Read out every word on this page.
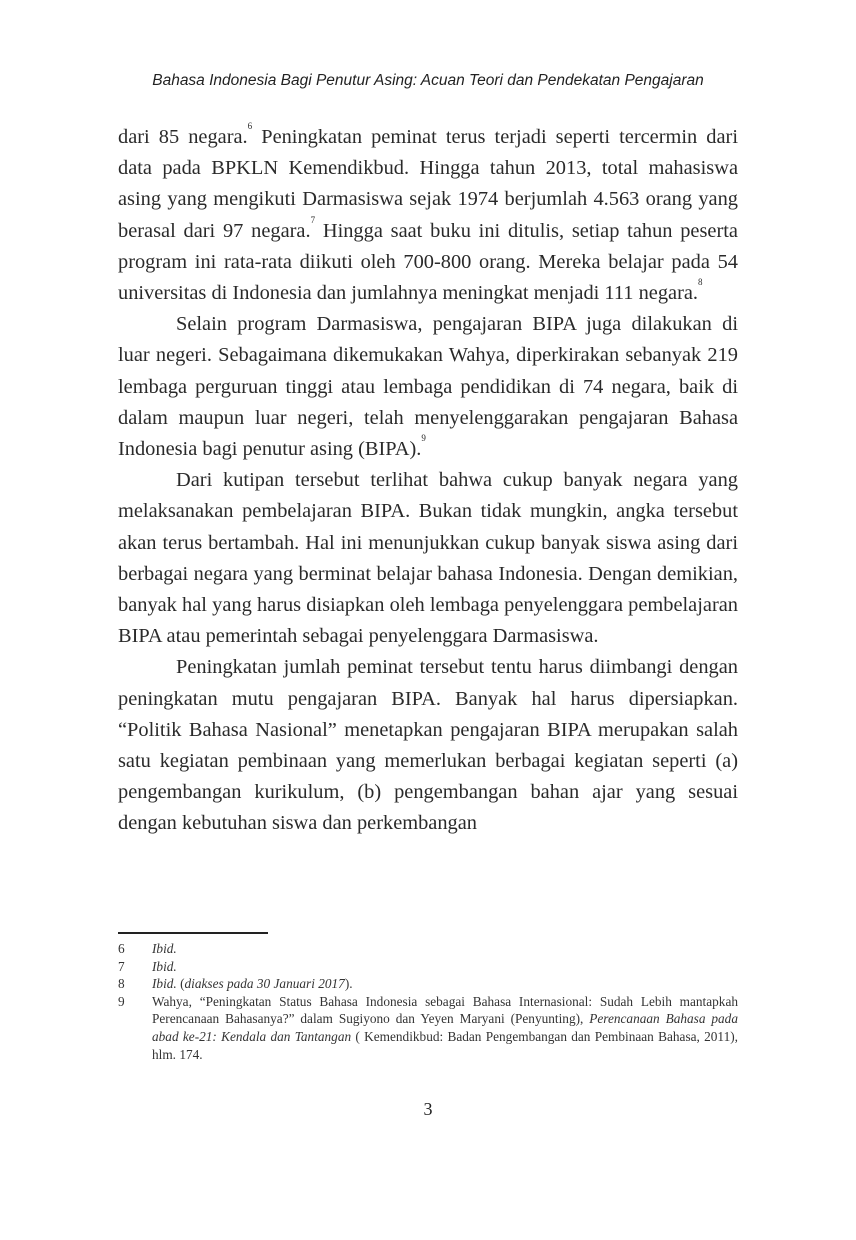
Bahasa Indonesia Bagi Penutur Asing: Acuan Teori dan Pendekatan Pengajaran

dari 85 negara.$^6$ Peningkatan peminat terus terjadi seperti tercermin dari data pada BPKLN Kemendikbud. Hingga tahun 2013, total mahasiswa asing yang mengikuti Darmasiswa sejak 1974 berjumlah 4.563 orang yang berasal dari 97 negara.$^7$ Hingga saat buku ini ditulis, setiap tahun peserta program ini rata-rata diikuti oleh 700-800 orang. Mereka belajar pada 54 universitas di Indonesia dan jumlahnya meningkat menjadi 111 negara.$^8$

Selain program Darmasiswa, pengajaran BIPA juga dilakukan di luar negeri. Sebagaimana dikemukakan Wahya, diperkirakan sebanyak 219 lembaga perguruan tinggi atau lembaga pendidikan di 74 negara, baik di dalam maupun luar negeri, telah menyelenggarakan pengajaran Bahasa Indonesia bagi penutur asing (BIPA).$^9$

Dari kutipan tersebut terlihat bahwa cukup banyak negara yang melaksanakan pembelajaran BIPA. Bukan tidak mungkin, angka tersebut akan terus bertambah. Hal ini menunjukkan cukup banyak siswa asing dari berbagai negara yang berminat belajar bahasa Indonesia. Dengan demikian, banyak hal yang harus disiapkan oleh lembaga penyelenggara pembelajaran BIPA atau pemerintah sebagai penyelenggara Darmasiswa.

Peningkatan jumlah peminat tersebut tentu harus diimbangi dengan peningkatan mutu pengajaran BIPA. Banyak hal harus dipersiapkan. “Politik Bahasa Nasional” menetapkan pengajaran BIPA merupakan salah satu kegiatan pembinaan yang memerlukan berbagai kegiatan seperti (a) pengembangan kurikulum, (b) pengembangan bahan ajar yang sesuai dengan kebutuhan siswa dan perkembangan

6	Ibid.
7	Ibid.
8	Ibid. (diakses pada 30 Januari 2017).
9	Wahya, “Peningkatan Status Bahasa Indonesia sebagai Bahasa Internasional: Sudah Lebih mantapkah Perencanaan Bahasanya?” dalam Sugiyono dan Yeyen Maryani (Penyunting), Perencanaan Bahasa pada abad ke-21: Kendala dan Tantangan ( Kemendikbud: Badan Pengembangan dan Pembinaan Bahasa, 2011), hlm. 174.
3
